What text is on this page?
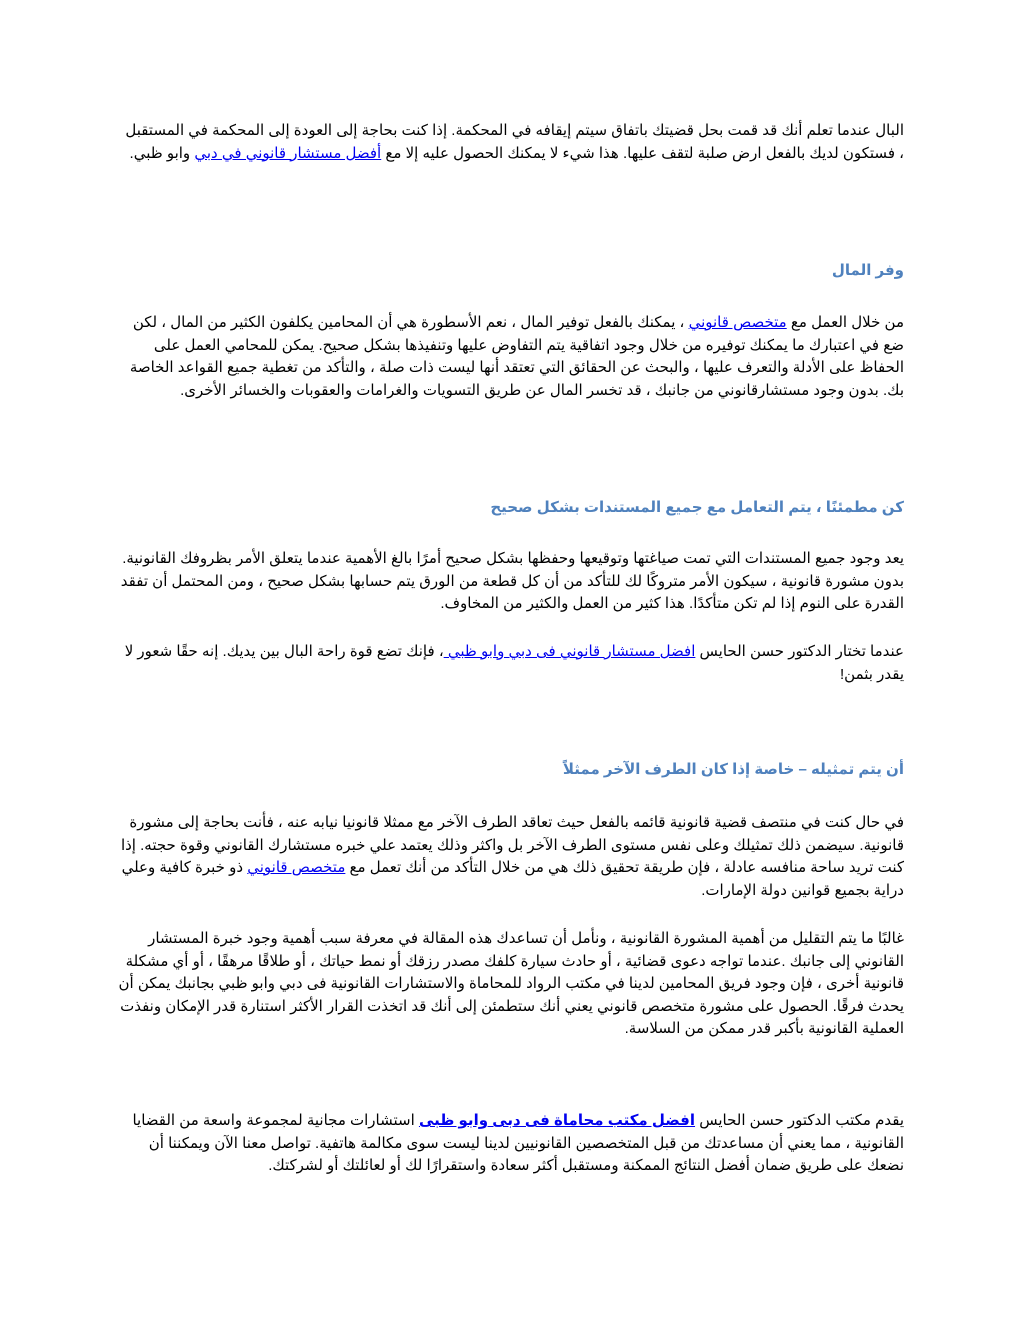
البال عندما تعلم أنك قد قمت بحل قضيتك باتفاق سيتم إيقافه في المحكمة. إذا كنت بحاجة إلى العودة إلى المحكمة في المستقبل ، فستكون لديك بالفعل ارض صلبة لتقف عليها. هذا شيء لا يمكنك الحصول عليه إلا مع أفضل مستشار قانوني في دبي وابو ظبي.

وفر المال

من خلال العمل مع متخصص قانوني ، يمكنك بالفعل توفير المال ، نعم الأسطورة هي أن المحامين يكلفون الكثير من المال ، لكن ضع في اعتبارك ما يمكنك توفيره من خلال وجود اتفاقية يتم التفاوض عليها وتنفيذها بشكل صحيح. يمكن للمحامي العمل على الحفاظ على الأدلة والتعرف عليها ، والبحث عن الحقائق التي تعتقد أنها ليست ذات صلة ، والتأكد من تغطية جميع القواعد الخاصة بك. بدون وجود مستشارقانوني من جانبك ، قد تخسر المال عن طريق التسويات والغرامات والعقوبات والخسائر الأخرى.

كن مطمئنًا ، يتم التعامل مع جميع المستندات بشكل صحيح

يعد وجود جميع المستندات التي تمت صياغتها وتوقيعها وحفظها بشكل صحيح أمرًا بالغ الأهمية عندما يتعلق الأمر بظروفك القانونية. بدون مشورة قانونية ، سيكون الأمر متروكًا لك للتأكد من أن كل قطعة من الورق يتم حسابها بشكل صحيح ، ومن المحتمل أن تفقد القدرة على النوم إذا لم تكن متأكدًا. هذا كثير من العمل والكثير من المخاوف.

عندما تختار الدكتور حسن الحايس افضل مستشار قانوني فى دبي وابو ظبي ، فإنك تضع قوة راحة البال بين يديك. إنه حقًا شعور لا يقدر بثمن!

أن يتم تمثيله – خاصة إذا كان الطرف الآخر ممثلاً

في حال كنت في منتصف قضية قانونية قائمه بالفعل حيث تعاقد الطرف الآخر مع ممثلا قانونيا نيابه عنه ، فأنت بحاجة إلى مشورة قانونية. سيضمن ذلك تمثيلك وعلى نفس مستوى الطرف الآخر بل واكثر وذلك يعتمد علي خبره مستشارك القانوني وقوة حجته. إذا كنت تريد ساحة منافسه عادلة ، فإن طريقة تحقيق ذلك هي من خلال التأكد من أنك تعمل مع متخصص قانوني ذو خبرة كافية وعلي دراية بجميع قوانين دولة الإمارات.

غالبًا ما يتم التقليل من أهمية المشورة القانونية ، ونأمل أن تساعدك هذه المقالة في معرفة سبب أهمية وجود خبرة المستشار القانوني إلى جانبك .عندما تواجه دعوى قضائية ، أو حادث سيارة كلفك مصدر رزقك أو نمط حياتك ، أو طلاقًا مرهقًا ، أو أي مشكلة قانونية أخرى ، فإن وجود فريق المحامين لدينا في مكتب الرواد للمحاماة والاستشارات القانونية فى دبي وابو ظبي بجانبك يمكن أن يحدث فرقًا. الحصول على مشورة متخصص قانوني يعني أنك ستطمئن إلى أنك قد اتخذت القرار الأكثر استنارة قدر الإمكان ونفذت العملية القانونية بأكبر قدر ممكن من السلاسة.

يقدم مكتب الدكتور حسن الحايس افضل مكتب محاماة فى دبى وابو ظبى استشارات مجانية لمجموعة واسعة من القضايا القانونية ، مما يعني أن مساعدتك من قبل المتخصصين القانونيين لدينا ليست سوى مكالمة هاتفية. تواصل معنا الآن ويمكننا أن نضعك على طريق ضمان أفضل النتائج الممكنة ومستقبل أكثر سعادة واستقرارًا لك أو لعائلتك أو لشركتك.
